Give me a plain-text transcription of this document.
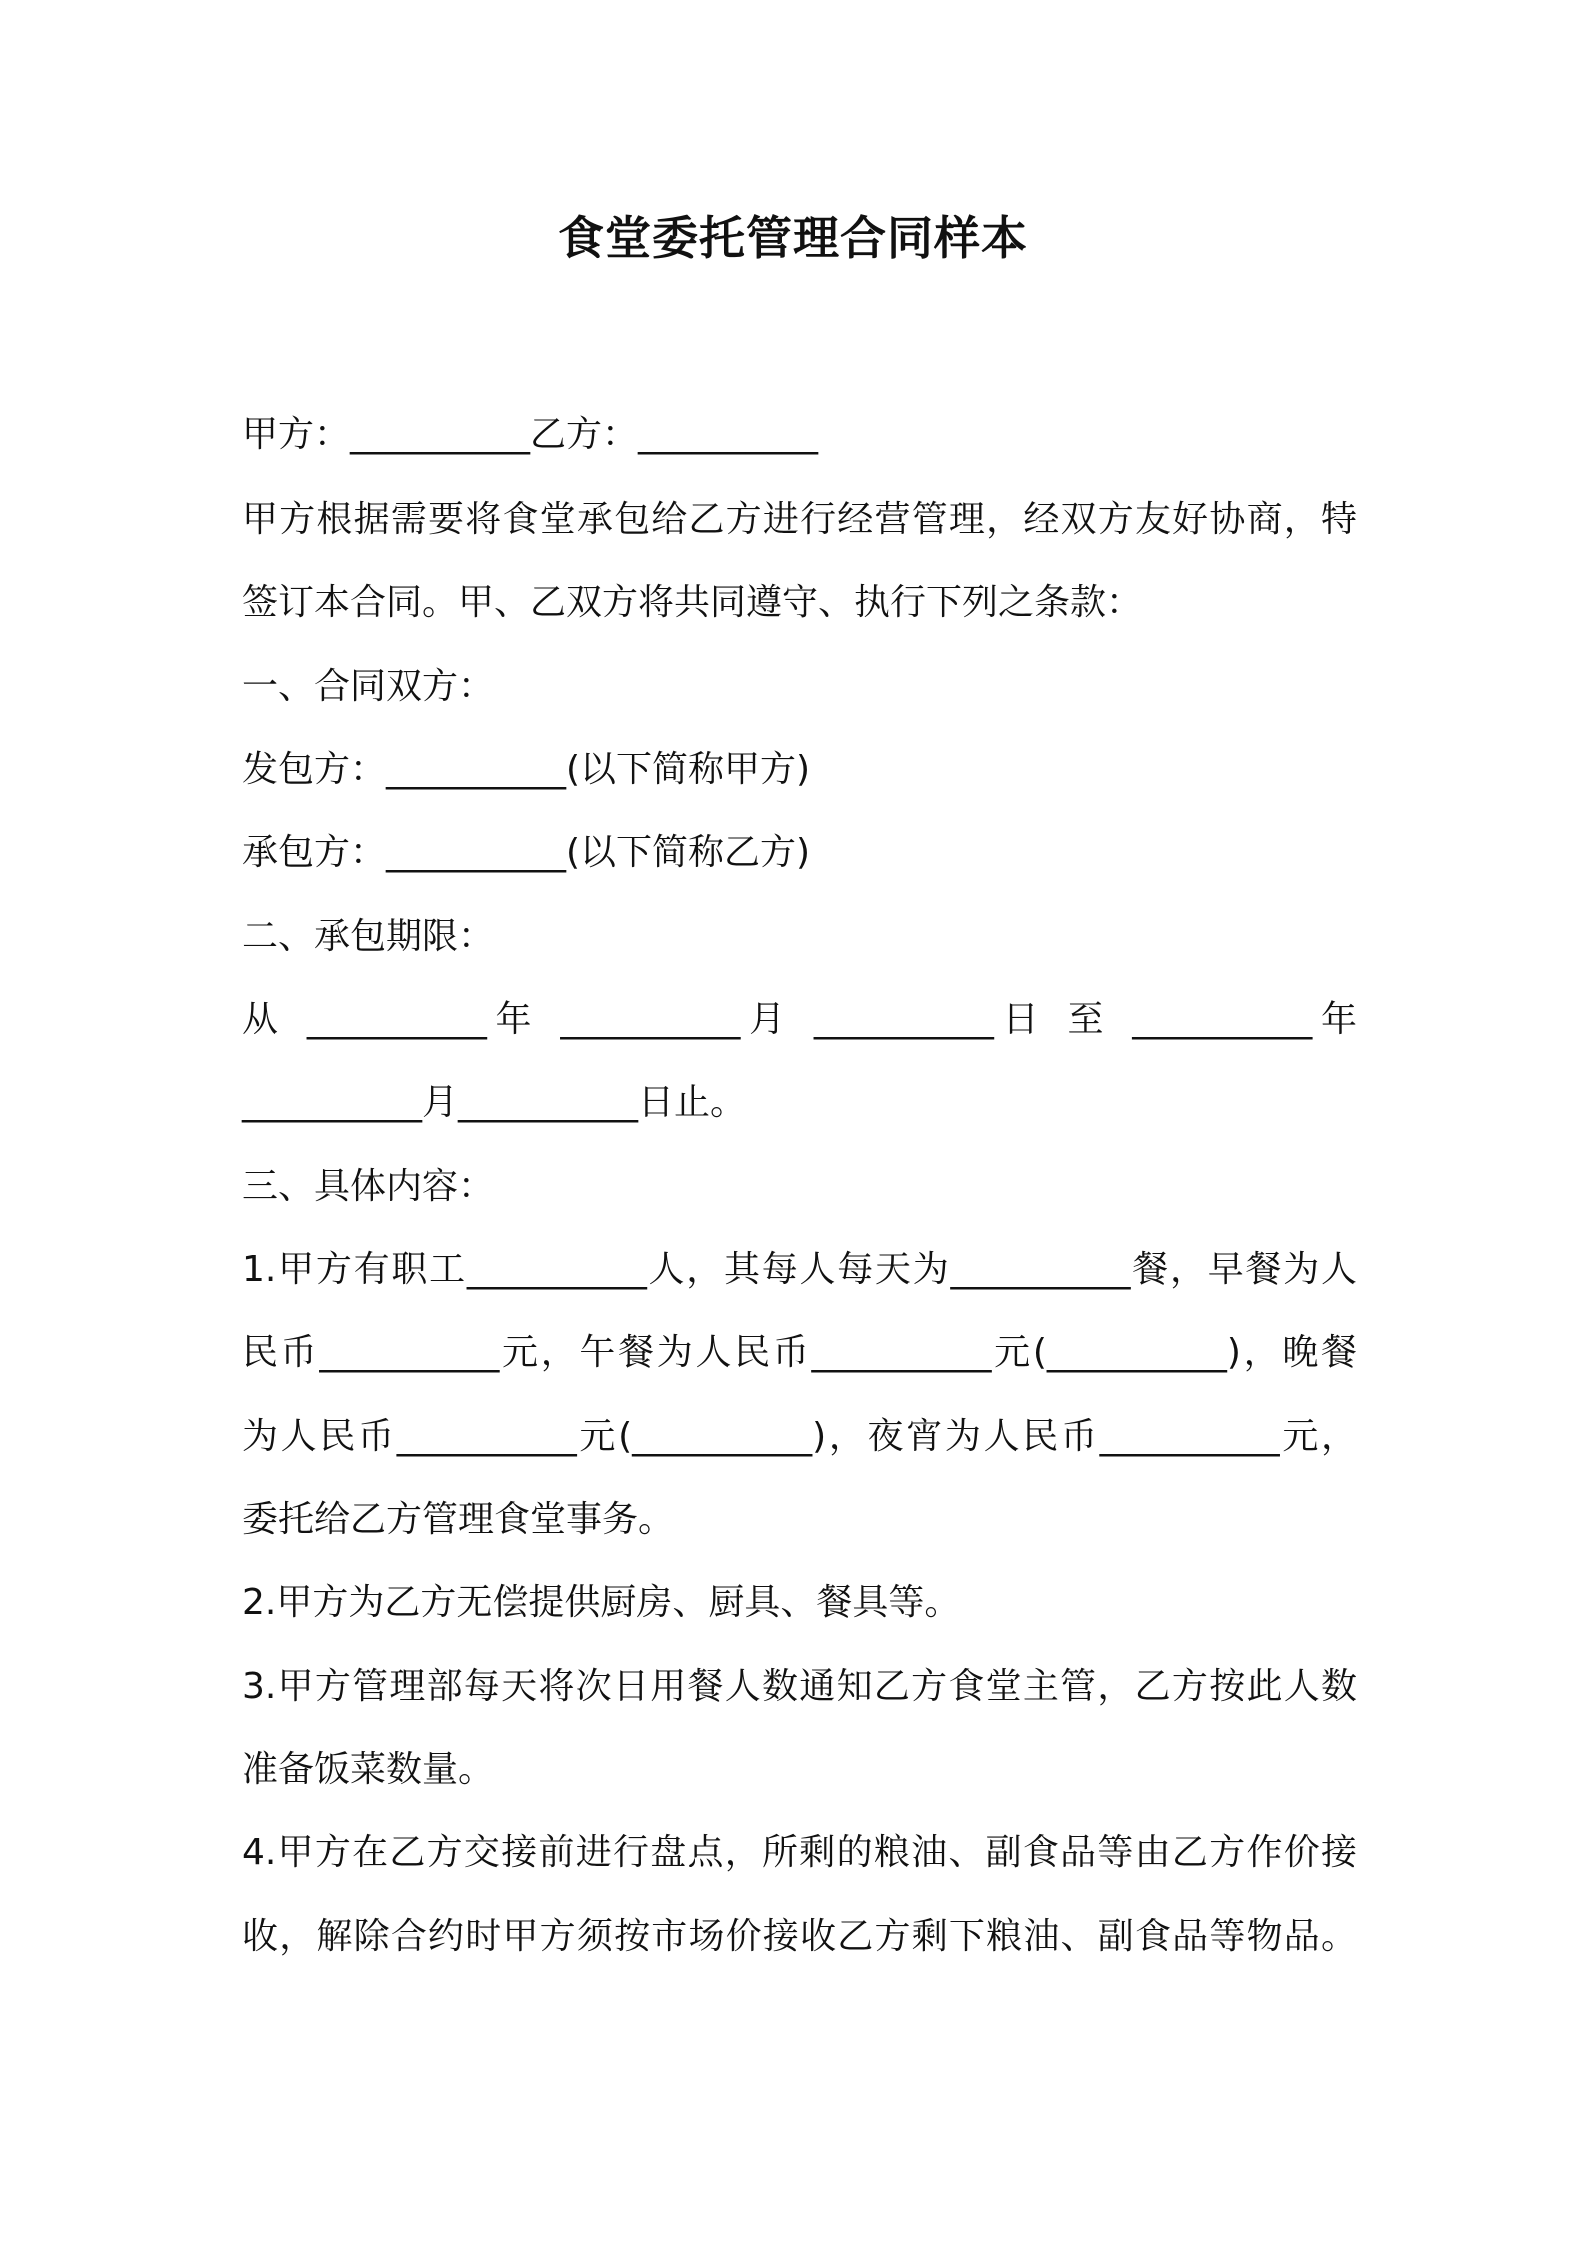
食堂委托管理合同样本
甲方：__________乙方：__________
甲方根据需要将食堂承包给乙方进行经营管理，经双方友好协商，特
签订本合同。甲、乙双方将共同遵守、执行下列之条款：
一、合同双方：
发包方：__________(以下简称甲方)
承包方：__________(以下简称乙方)
二、承包期限：
从 __________年 __________月 __________日 至 __________年
__________月__________日止。
三、具体内容：
1.甲方有职工__________人，其每人每天为__________餐，早餐为人
民币__________元，午餐为人民币__________元(__________)，晚餐
为人民币__________元(__________)，夜宵为人民币__________元，
委托给乙方管理食堂事务。
2.甲方为乙方无偿提供厨房、厨具、餐具等。
3.甲方管理部每天将次日用餐人数通知乙方食堂主管，乙方按此人数
准备饭菜数量。
4.甲方在乙方交接前进行盘点，所剩的粮油、副食品等由乙方作价接
收，解除合约时甲方须按市场价接收乙方剩下粮油、副食品等物品。
